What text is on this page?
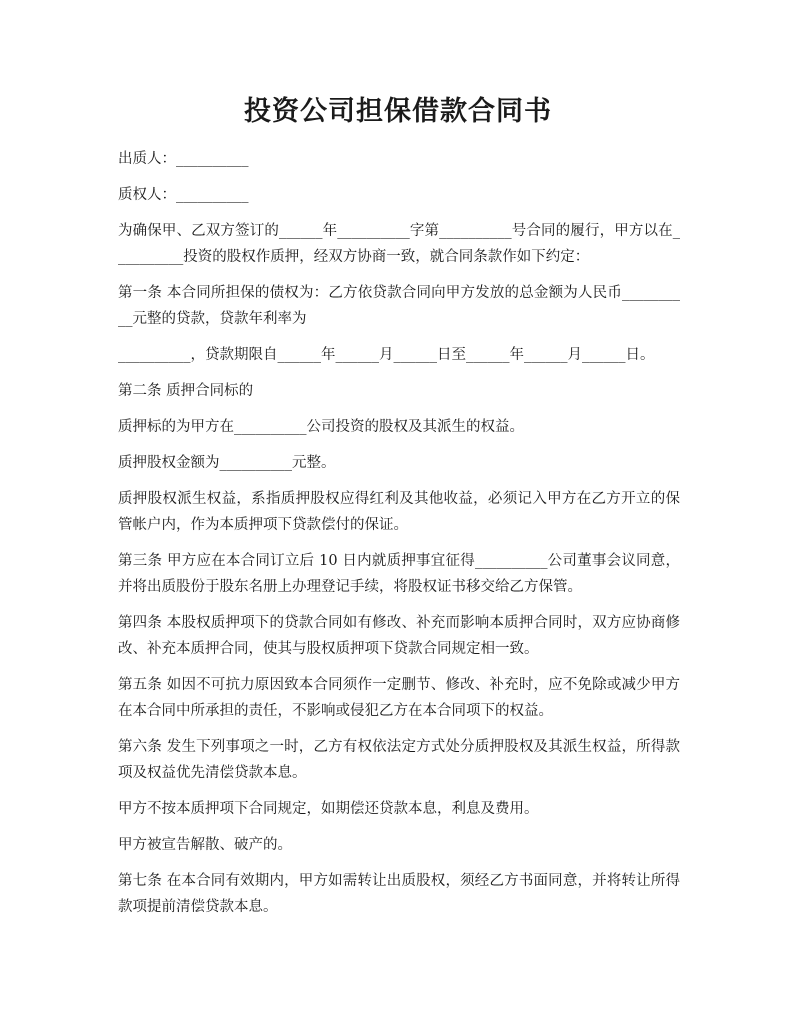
投资公司担保借款合同书

出质人：__________

质权人：__________

为确保甲、乙双方签订的______年__________字第__________号合同的履行，甲方以在__________投资的股权作质押，经双方协商一致，就合同条款作如下约定：

第一条 本合同所担保的债权为：乙方依贷款合同向甲方发放的总金额为人民币__________元整的贷款，贷款年利率为

__________，贷款期限自______年______月______日至______年______月______日。

第二条 质押合同标的

质押标的为甲方在__________公司投资的股权及其派生的权益。

质押股权金额为__________元整。

质押股权派生权益，系指质押股权应得红利及其他收益，必须记入甲方在乙方开立的保管帐户内，作为本质押项下贷款偿付的保证。

第三条 甲方应在本合同订立后 10 日内就质押事宜征得__________公司董事会议同意，并将出质股份于股东名册上办理登记手续，将股权证书移交给乙方保管。

第四条 本股权质押项下的贷款合同如有修改、补充而影响本质押合同时，双方应协商修改、补充本质押合同，使其与股权质押项下贷款合同规定相一致。

第五条 如因不可抗力原因致本合同须作一定删节、修改、补充时，应不免除或减少甲方在本合同中所承担的责任，不影响或侵犯乙方在本合同项下的权益。

第六条 发生下列事项之一时，乙方有权依法定方式处分质押股权及其派生权益，所得款项及权益优先清偿贷款本息。

甲方不按本质押项下合同规定，如期偿还贷款本息，利息及费用。

甲方被宣告解散、破产的。

第七条 在本合同有效期内，甲方如需转让出质股权，须经乙方书面同意，并将转让所得款项提前清偿贷款本息。
